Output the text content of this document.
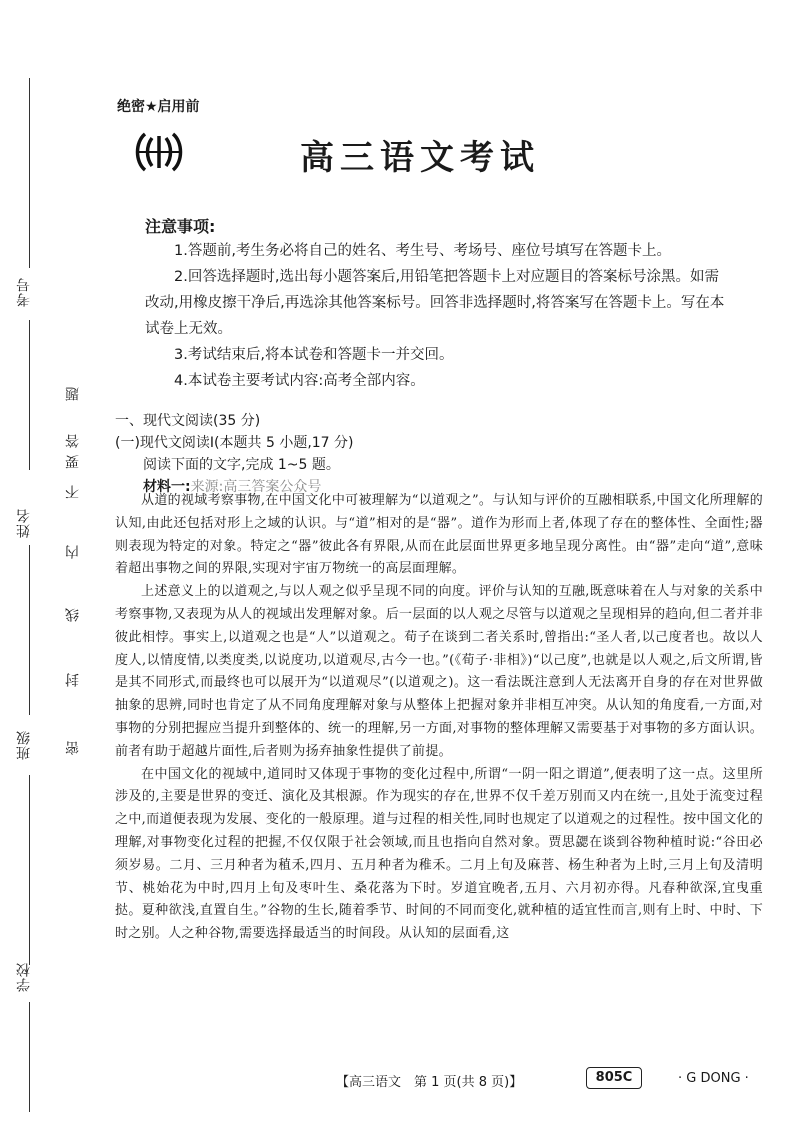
考号
姓名
班级
学校
密
封
线
内
不
要
答
题
绝密★启用前
高三语文考试
注意事项:

1.答题前,考生务必将自己的姓名、考生号、考场号、座位号填写在答题卡上。

2.回答选择题时,选出每小题答案后,用铅笔把答题卡上对应题目的答案标号涂黑。如需改动,用橡皮擦干净后,再选涂其他答案标号。回答非选择题时,将答案写在答题卡上。写在本试卷上无效。

3.考试结束后,将本试卷和答题卡一并交回。

4.本试卷主要考试内容:高考全部内容。

一、现代文阅读(35 分)

(一)现代文阅读Ⅰ(本题共 5 小题,17 分)

阅读下面的文字,完成 1~5 题。

材料一:来源:高三答案公众号

从道的视域考察事物,在中国文化中可被理解为“以道观之”。与认知与评价的互融相联系,中国文化所理解的认知,由此还包括对形上之域的认识。与“道”相对的是“器”。道作为形而上者,体现了存在的整体性、全面性;器则表现为特定的对象。特定之“器”彼此各有界限,从而在此层面世界更多地呈现分离性。由“器”走向“道”,意味着超出事物之间的界限,实现对宇宙万物统一的高层面理解。

上述意义上的以道观之,与以人观之似乎呈现不同的向度。评价与认知的互融,既意味着在人与对象的关系中考察事物,又表现为从人的视域出发理解对象。后一层面的以人观之尽管与以道观之呈现相异的趋向,但二者并非彼此相悖。事实上,以道观之也是“人”以道观之。荀子在谈到二者关系时,曾指出:“圣人者,以己度者也。故以人度人,以情度情,以类度类,以说度功,以道观尽,古今一也。”(《荀子·非相》)“以己度”,也就是以人观之,后文所谓,皆是其不同形式,而最终也可以展开为“以道观尽”(以道观之)。这一看法既注意到人无法离开自身的存在对世界做抽象的思辨,同时也肯定了从不同角度理解对象与从整体上把握对象并非相互冲突。从认知的角度看,一方面,对事物的分别把握应当提升到整体的、统一的理解,另一方面,对事物的整体理解又需要基于对事物的多方面认识。前者有助于超越片面性,后者则为扬弃抽象性提供了前提。

在中国文化的视域中,道同时又体现于事物的变化过程中,所谓“一阴一阳之谓道”,便表明了这一点。这里所涉及的,主要是世界的变迁、演化及其根源。作为现实的存在,世界不仅千差万别而又内在统一,且处于流变过程之中,而道便表现为发展、变化的一般原理。道与过程的相关性,同时也规定了以道观之的过程性。按中国文化的理解,对事物变化过程的把握,不仅仅限于社会领域,而且也指向自然对象。贾思勰在谈到谷物种植时说:“谷田必须岁易。二月、三月种者为稙禾,四月、五月种者为稚禾。二月上旬及麻菩、杨生种者为上时,三月上旬及清明节、桃始花为中时,四月上旬及枣叶生、桑花落为下时。岁道宜晚者,五月、六月初亦得。凡春种欲深,宜曳重挞。夏种欲浅,直置自生。”谷物的生长,随着季节、时间的不同而变化,就种植的适宜性而言,则有上时、中时、下时之别。人之种谷物,需要选择最适当的时间段。从认知的层面看,这

【高三语文　第 1 页(共 8 页)】	805C	· G DONG ·
